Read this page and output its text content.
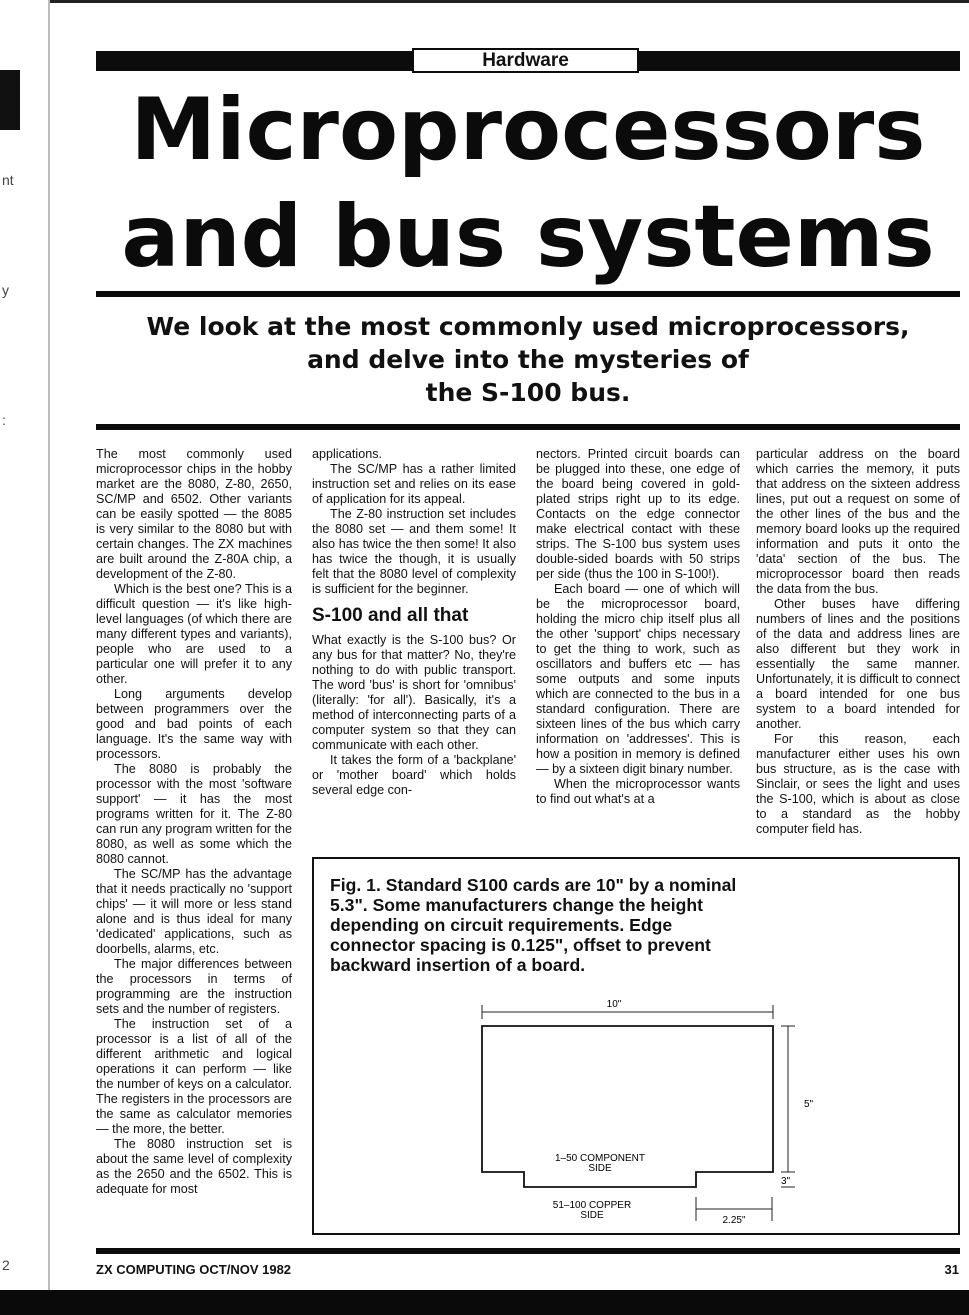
nt
y
:
2
Hardware
Microprocessors
and bus systems
We look at the most commonly used microprocessors,
and delve into the mysteries of
the S-100 bus.

The most commonly used microprocessor chips in the hobby market are the 8080, Z-80, 2650, SC/MP and 6502. Other variants can be easily spotted — the 8085 is very similar to the 8080 but with certain changes. The ZX machines are built around the Z-80A chip, a development of the Z-80.

Which is the best one? This is a difficult question — it's like high-level languages (of which there are many different types and variants), people who are used to a particular one will prefer it to any other.

Long arguments develop between programmers over the good and bad points of each language. It's the same way with processors.

The 8080 is probably the processor with the most 'software support' — it has the most programs written for it. The Z-80 can run any program written for the 8080, as well as some which the 8080 cannot.

The SC/MP has the advantage that it needs practically no 'support chips' — it will more or less stand alone and is thus ideal for many 'dedicated' applications, such as doorbells, alarms, etc.

The major differences between the processors in terms of programming are the instruction sets and the number of registers.

The instruction set of a processor is a list of all of the different arithmetic and logical operations it can perform — like the number of keys on a calculator. The registers in the processors are the same as calculator memories — the more, the better.

The 8080 instruction set is about the same level of complexity as the 2650 and the 6502. This is adequate for most

applications.

The SC/MP has a rather limited instruction set and relies on its ease of application for its appeal.

The Z-80 instruction set includes the 8080 set — and them some! It also has twice the then some! It also has twice the though, it is usually felt that the 8080 level of complexity is sufficient for the beginner.

S-100 and all that

What exactly is the S-100 bus? Or any bus for that matter? No, they're nothing to do with public transport. The word 'bus' is short for 'omnibus' (literally: 'for all'). Basically, it's a method of interconnecting parts of a computer system so that they can communicate with each other.

It takes the form of a 'backplane' or 'mother board' which holds several edge con-

nectors. Printed circuit boards can be plugged into these, one edge of the board being covered in gold-plated strips right up to its edge. Contacts on the edge connector make electrical contact with these strips. The S-100 bus system uses double-sided boards with 50 strips per side (thus the 100 in S-100!).

Each board — one of which will be the microprocessor board, holding the micro chip itself plus all the other 'support' chips necessary to get the thing to work, such as oscillators and buffers etc — has some outputs and some inputs which are connected to the bus in a standard configuration. There are sixteen lines of the bus which carry information on 'addresses'. This is how a position in memory is defined — by a sixteen digit binary number.

When the microprocessor wants to find out what's at a

particular address on the board which carries the memory, it puts that address on the sixteen address lines, put out a request on some of the other lines of the bus and the memory board looks up the required information and puts it onto the 'data' section of the bus. The microprocessor board then reads the data from the bus.

Other buses have differing numbers of lines and the positions of the data and address lines are also different but they work in essentially the same manner. Unfortunately, it is difficult to connect a board intended for one bus system to a board intended for another.

For this reason, each manufacturer either uses his own bus structure, as is the case with Sinclair, or sees the light and uses the S-100, which is about as close to a standard as the hobby computer field has.

Fig. 1. Standard S100 cards are 10" by a nominal 5.3". Some manufacturers change the height depending on circuit requirements. Edge connector spacing is 0.125", offset to prevent backward insertion of a board.
10"
5"
3"
2.25"
1–50 COMPONENT
SIDE
51–100 COPPER
SIDE
ZX COMPUTING OCT/NOV 1982	31
